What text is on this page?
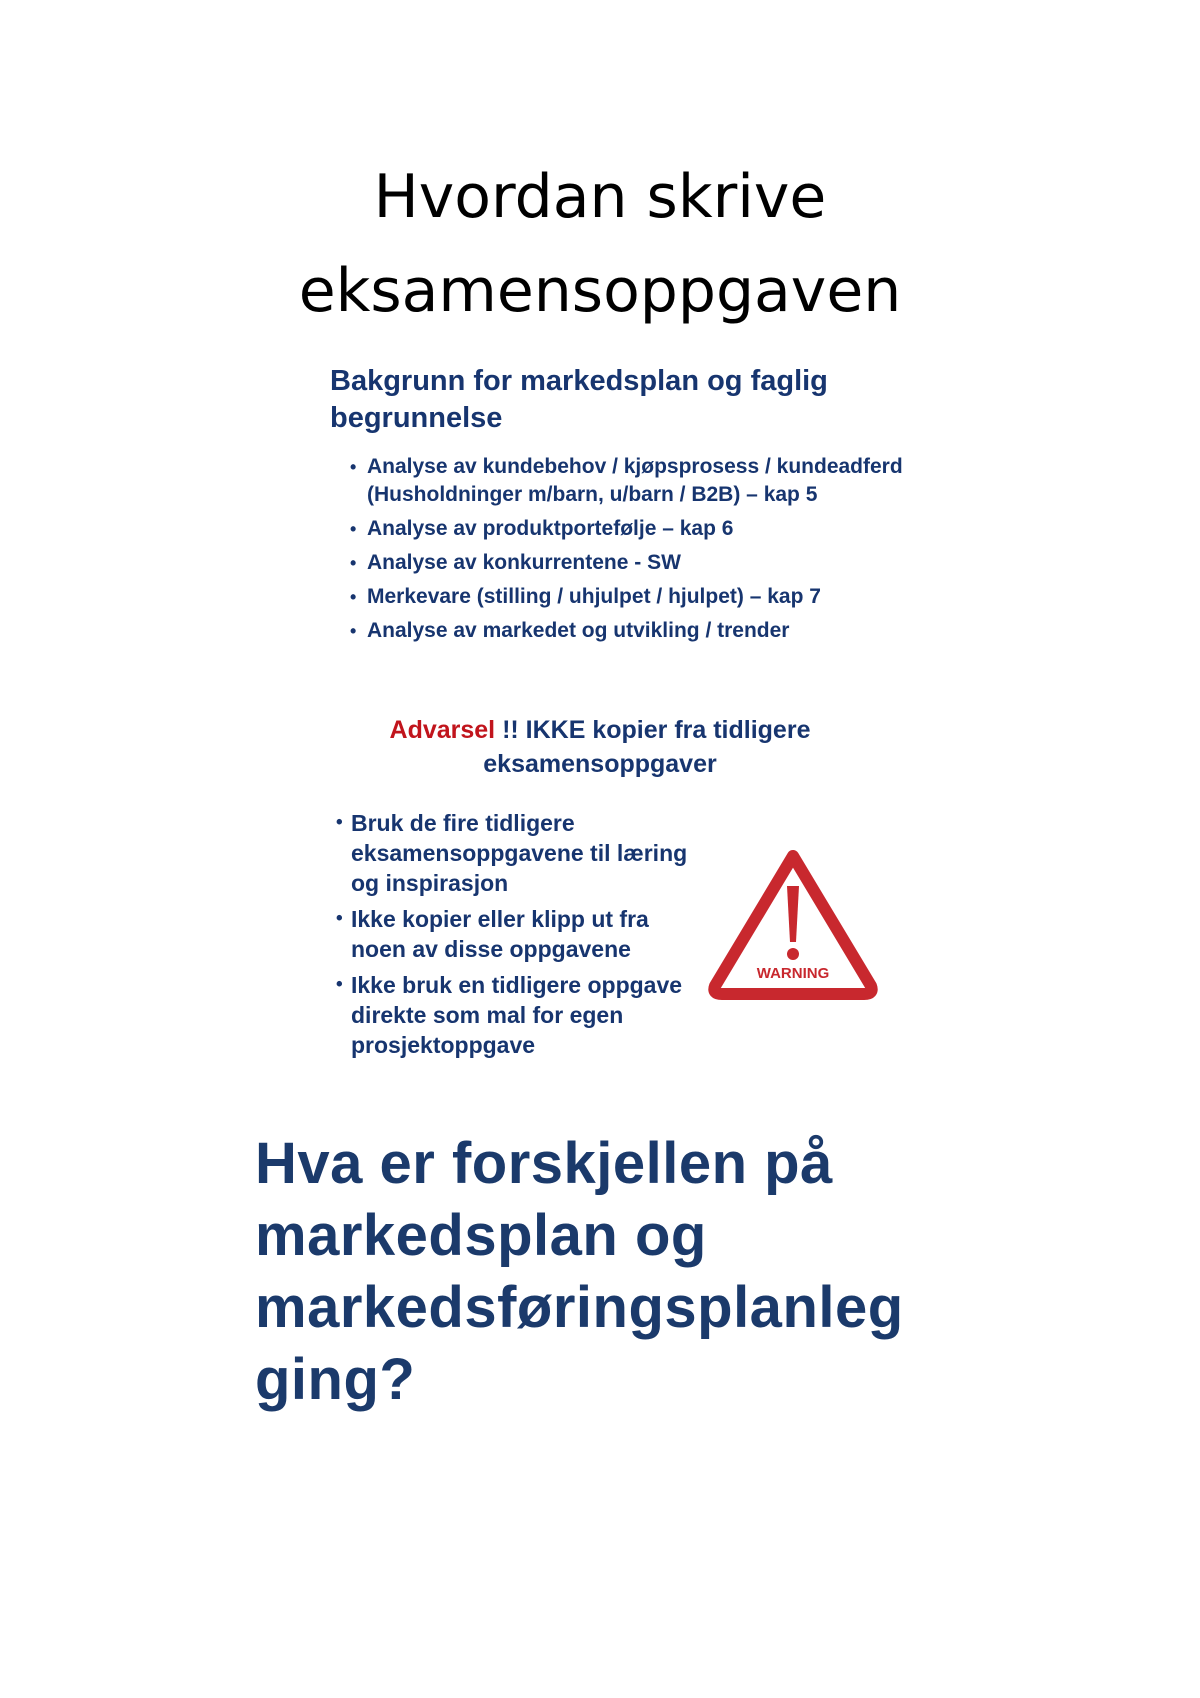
Hvordan skrive
eksamensoppgaven
Bakgrunn for markedsplan og faglig begrunnelse
• Analyse av kundebehov / kjøpsprosess / kundeadferd (Husholdninger m/barn, u/barn / B2B) – kap 5
• Analyse av produktportefølje – kap 6
• Analyse av konkurrentene - SW
• Merkevare (stilling / uhjulpet / hjulpet) – kap 7
• Analyse av markedet og utvikling / trender
Advarsel !! IKKE kopier fra tidligere eksamensoppgaver
• Bruk de fire tidligere eksamensoppgavene til læring og inspirasjon
• Ikke kopier eller klipp ut fra noen av disse oppgavene
• Ikke bruk en tidligere oppgave direkte som mal for egen prosjektoppgave
WARNING

Hva er forskjellen på markedsplan og markedsføringsplanleg ging?
